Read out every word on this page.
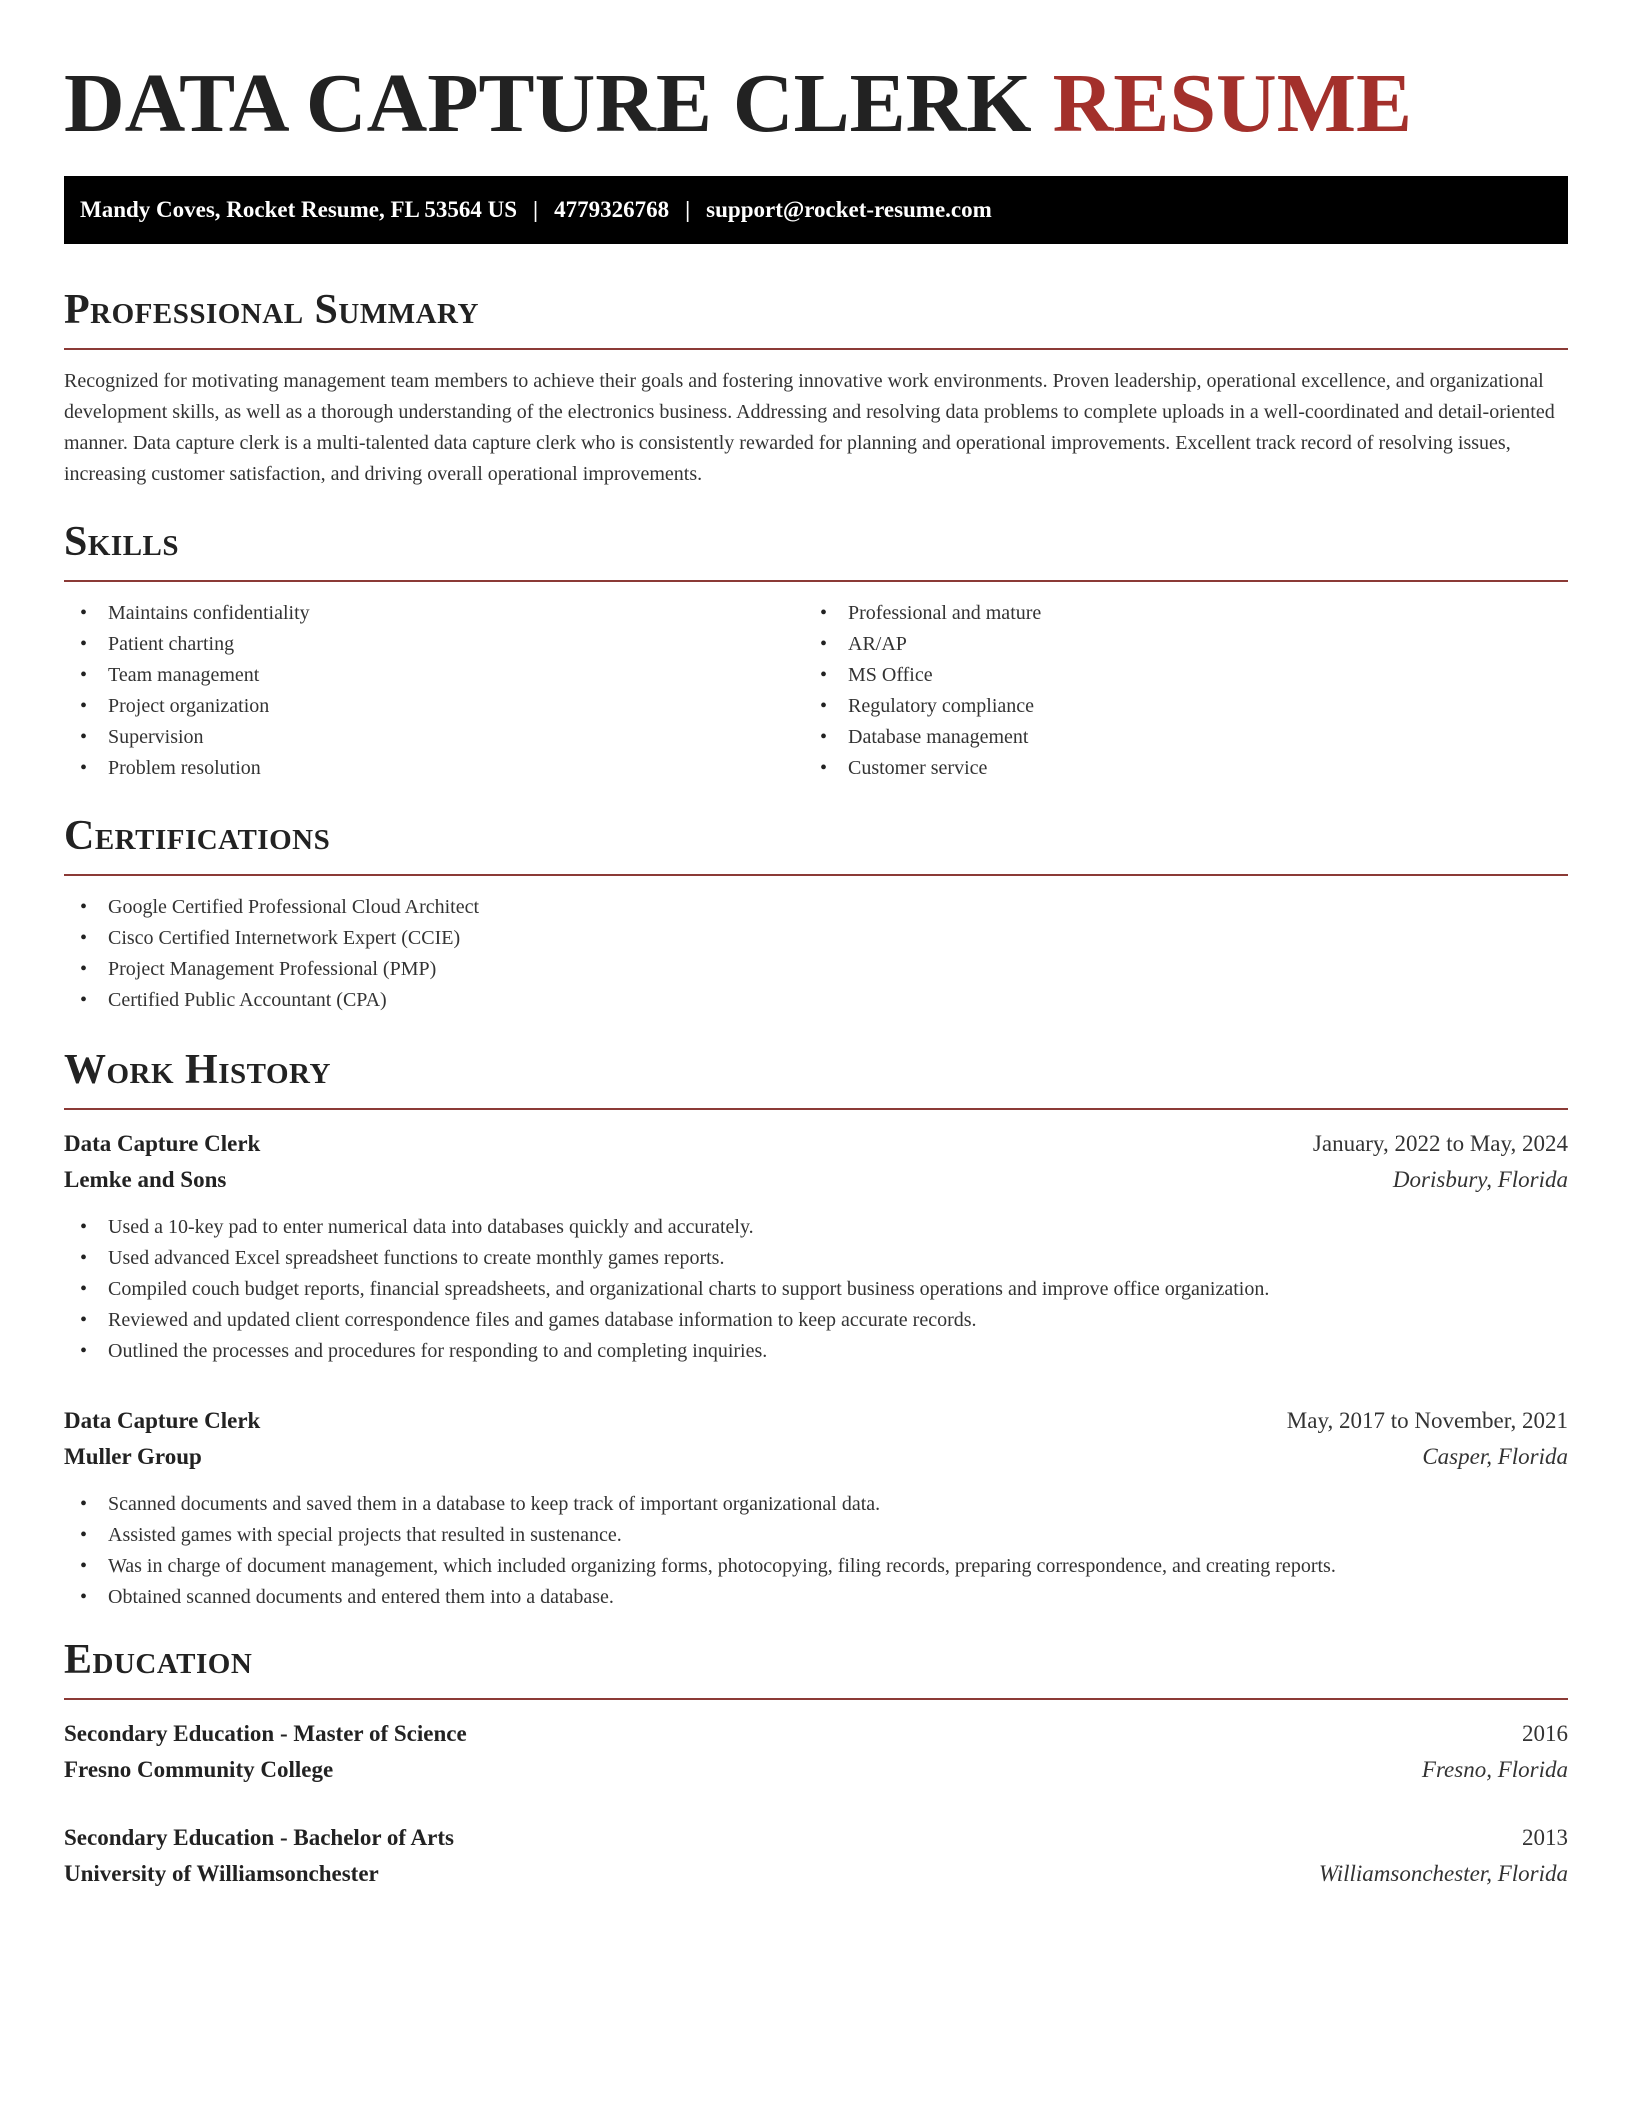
DATA CAPTURE CLERK RESUME
Mandy Coves, Rocket Resume, FL 53564 US | 4779326768 | support@rocket-resume.com
Professional Summary

Recognized for motivating management team members to achieve their goals and fostering innovative work environments. Proven leadership, operational excellence, and organizational development skills, as well as a thorough understanding of the electronics business. Addressing and resolving data problems to complete uploads in a well-coordinated and detail-oriented manner. Data capture clerk is a multi-talented data capture clerk who is consistently rewarded for planning and operational improvements. Excellent track record of resolving issues, increasing customer satisfaction, and driving overall operational improvements.

Skills
• Maintains confidentiality
• Patient charting
• Team management
• Project organization
• Supervision
• Problem resolution
• Professional and mature
• AR/AP
• MS Office
• Regulatory compliance
• Database management
• Customer service
Certifications
• Google Certified Professional Cloud Architect
• Cisco Certified Internetwork Expert (CCIE)
• Project Management Professional (PMP)
• Certified Public Accountant (CPA)
Work History
Data Capture Clerk	January, 2022 to May, 2024
Lemke and Sons	Dorisbury, Florida
• Used a 10-key pad to enter numerical data into databases quickly and accurately.
• Used advanced Excel spreadsheet functions to create monthly games reports.
• Compiled couch budget reports, financial spreadsheets, and organizational charts to support business operations and improve office organization.
• Reviewed and updated client correspondence files and games database information to keep accurate records.
• Outlined the processes and procedures for responding to and completing inquiries.
Data Capture Clerk	May, 2017 to November, 2021
Muller Group	Casper, Florida
• Scanned documents and saved them in a database to keep track of important organizational data.
• Assisted games with special projects that resulted in sustenance.
• Was in charge of document management, which included organizing forms, photocopying, filing records, preparing correspondence, and creating reports.
• Obtained scanned documents and entered them into a database.
Education
Secondary Education - Master of Science	2016
Fresno Community College	Fresno, Florida
Secondary Education - Bachelor of Arts	2013
University of Williamsonchester	Williamsonchester, Florida
